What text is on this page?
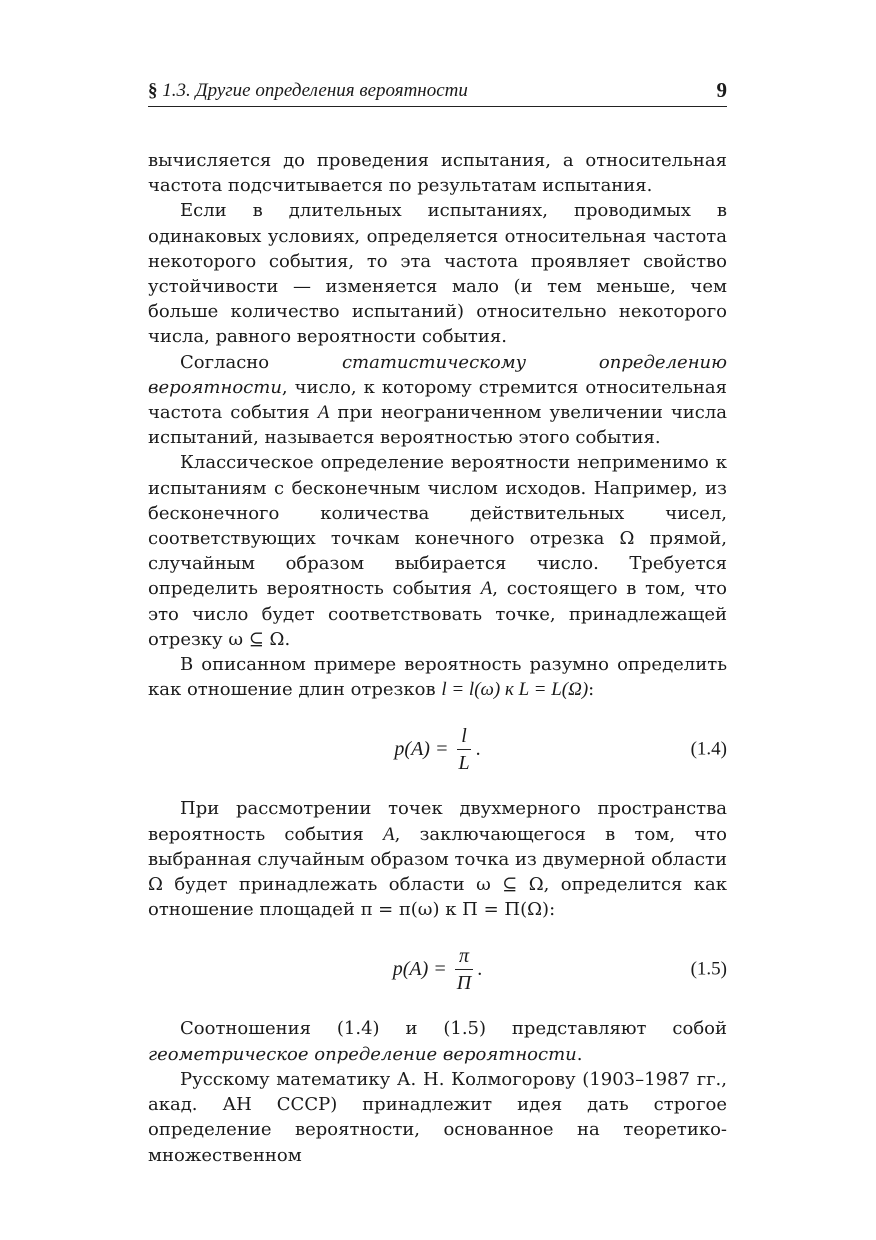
§ 1.3. Другие определения вероятности	9

вычисляется до проведения испытания, а относительная частота подсчитывается по результатам испытания.

Если в длительных испытаниях, проводимых в одинаковых условиях, определяется относительная частота некоторого события, то эта частота проявляет свойство устойчивости — изменяется мало (и тем меньше, чем больше количество испытаний) относительно некоторого числа, равного вероятности события.

Согласно статистическому определению вероятности, число, к которому стремится относительная частота события A при неограниченном увеличении числа испытаний, называется вероятностью этого события.

Классическое определение вероятности неприменимо к испытаниям с бесконечным числом исходов. Например, из бесконечного количества действительных чисел, соответствующих точкам конечного отрезка Ω прямой, случайным образом выбирается число. Требуется определить вероятность события A, состоящего в том, что это число будет соответствовать точке, принадлежащей отрезку ω ⊆ Ω.

В описанном примере вероятность разумно определить как отношение длин отрезков l = l(ω) к L = L(Ω):

$p(A) = \frac{l}{L}$ .	(1.4)

При рассмотрении точек двухмерного пространства вероятность события A, заключающегося в том, что выбранная случайным образом точка из двумерной области Ω будет принадлежать области ω ⊆ Ω, определится как отношение площадей π = π(ω) к Π = Π(Ω):

$p(A) = \frac{\pi}{\Pi}$ .	(1.5)

Соотношения (1.4) и (1.5) представляют собой геометрическое определение вероятности.

Русскому математику А. Н. Колмогорову (1903–1987 гг., акад. АН СССР) принадлежит идея дать строгое определение вероятности, основанное на теоретико-множественном
